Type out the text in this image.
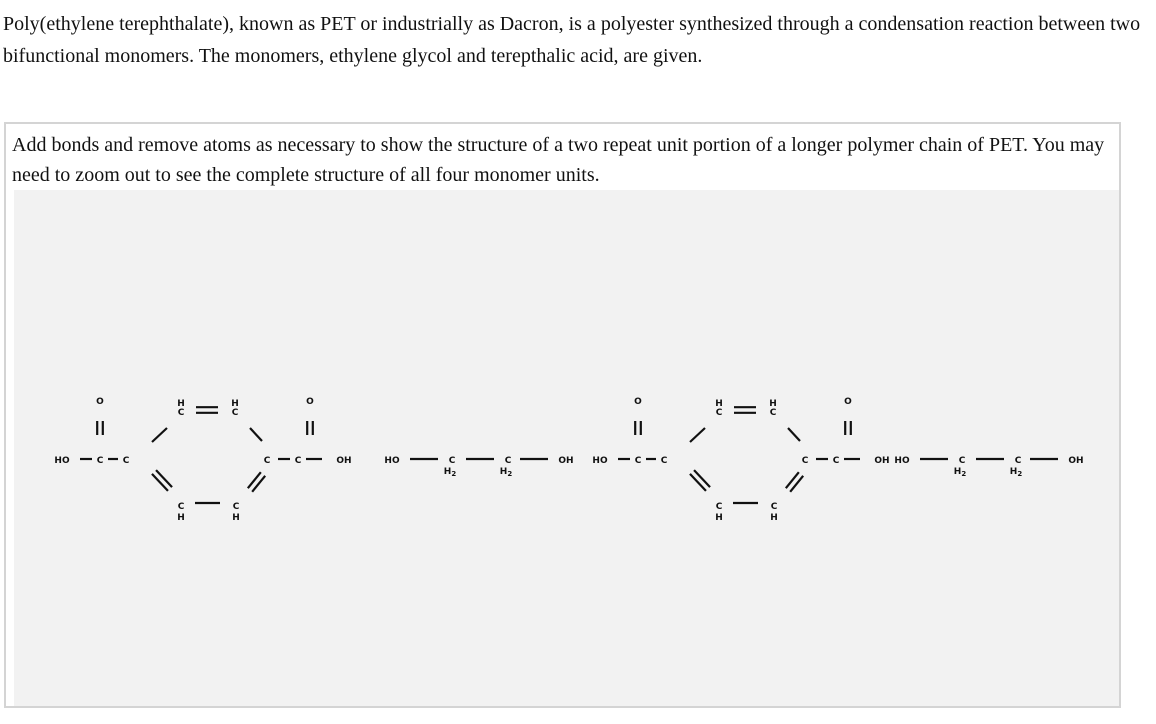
Poly(ethylene terephthalate), known as PET or industrially as Dacron, is a polyester synthesized through a condensation reaction between two bifunctional monomers. The monomers, ethylene glycol and terepthalic acid, are given.
Add bonds and remove atoms as necessary to show the structure of a two repeat unit portion of a longer polymer chain of PET. You may need to zoom out to see the complete structure of all four monomer units.
HO	C
O
C
C
H
C
H
C
C
H
C
H
C
O
OH	HO	C
$H_2$
C
$H_2$
OH HO	C
O
C
C
H
C
H
C
C
H
C
H
C
O
OH HO	C
$H_2$
C
$H_2$
OH
